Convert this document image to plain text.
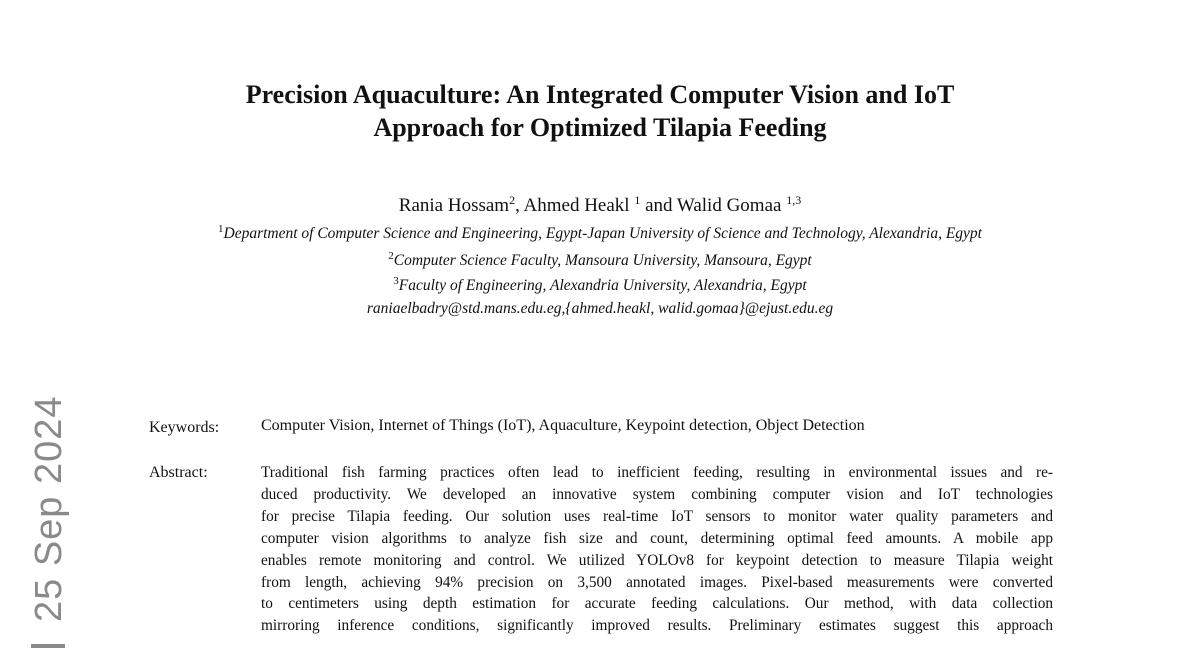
Precision Aquaculture: An Integrated Computer Vision and IoT
Approach for Optimized Tilapia Feeding
Rania Hossam$^2$, Ahmed Heakl $^1$ and Walid Gomaa $^{1,3}$
$^1$Department of Computer Science and Engineering, Egypt-Japan University of Science and Technology, Alexandria, Egypt
$^2$Computer Science Faculty, Mansoura University, Mansoura, Egypt
$^3$Faculty of Engineering, Alexandria University, Alexandria, Egypt
raniaelbadry@std.mans.edu.eg,{ahmed.heakl, walid.gomaa}@ejust.edu.eg
25 Sep 2024	Keywords:	Computer Vision, Internet of Things (IoT), Aquaculture, Keypoint detection, Object Detection
Abstract:	Traditional fish farming practices often lead to inefficient feeding, resulting in environmental issues and re-
duced productivity. We developed an innovative system combining computer vision and IoT technologies
for precise Tilapia feeding. Our solution uses real-time IoT sensors to monitor water quality parameters and
computer vision algorithms to analyze fish size and count, determining optimal feed amounts. A mobile app
enables remote monitoring and control. We utilized YOLOv8 for keypoint detection to measure Tilapia weight
from length, achieving 94% precision on 3,500 annotated images. Pixel-based measurements were converted
to centimeters using depth estimation for accurate feeding calculations. Our method, with data collection
mirroring inference conditions, significantly improved results. Preliminary estimates suggest this approach
